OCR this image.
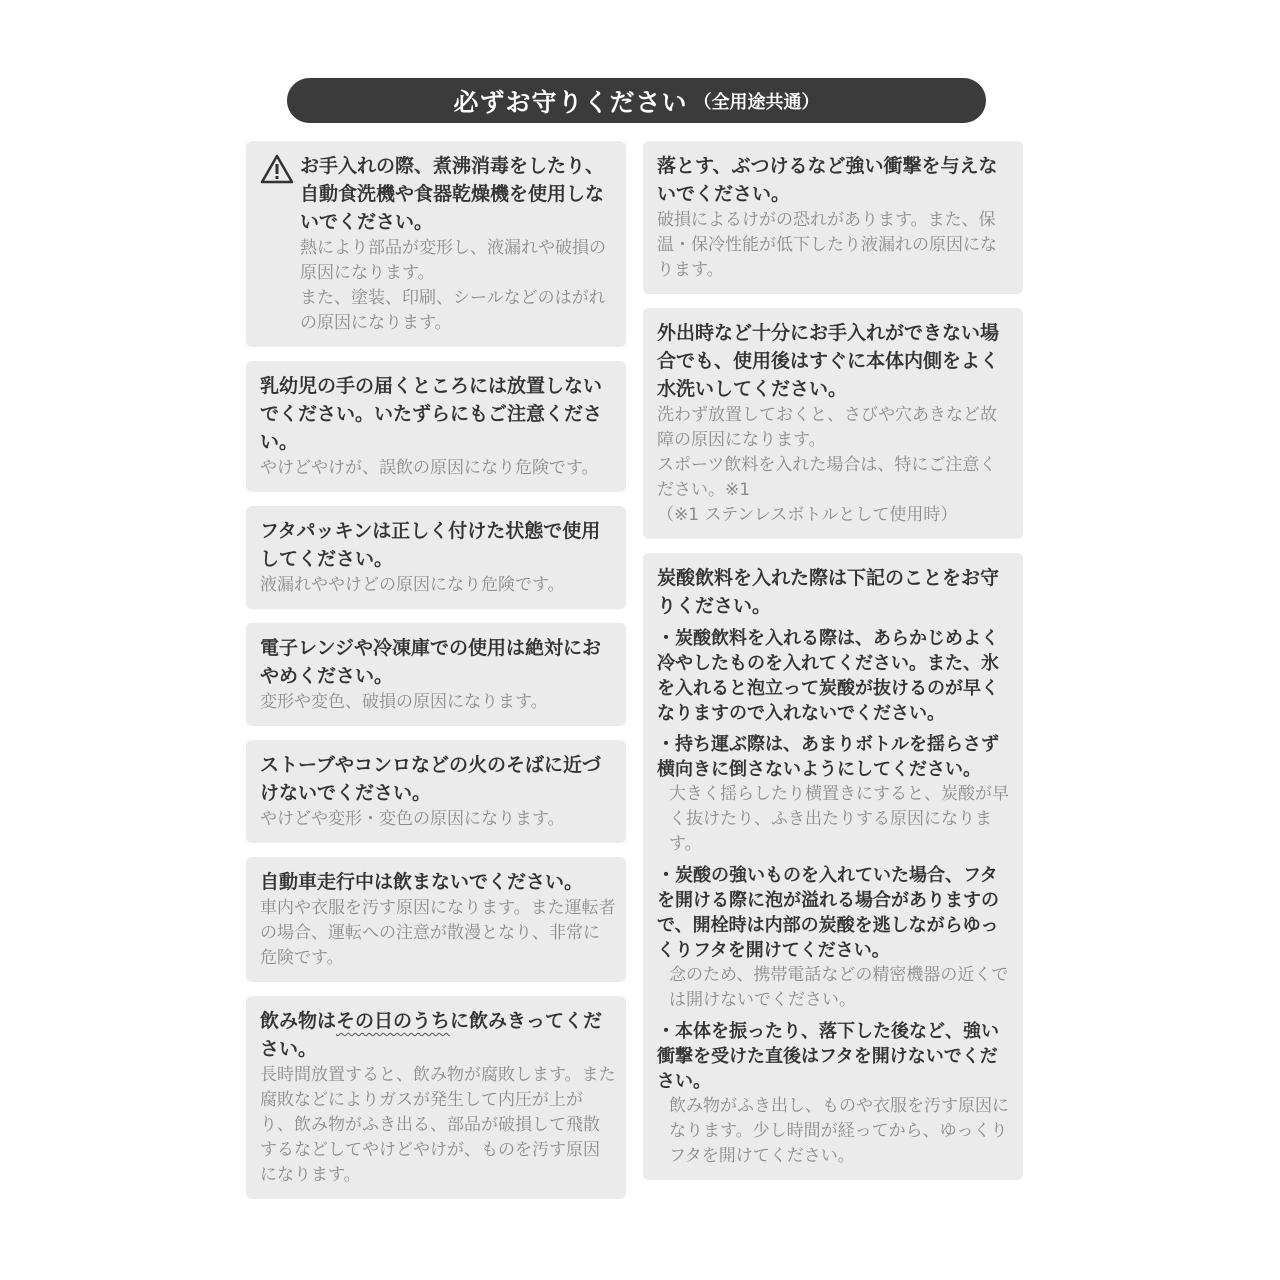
必ずお守りください （全用途共通）
お手入れの際、煮沸消毒をしたり、自動食洗機や食器乾燥機を使用しないでください。
熱により部品が変形し、液漏れや破損の原因になります。
また、塗装、印刷、シールなどのはがれの原因になります。
乳幼児の手の届くところには放置しないでください。いたずらにもご注意ください。
やけどやけが、誤飲の原因になり危険です。
フタパッキンは正しく付けた状態で使用してください。
液漏れややけどの原因になり危険です。
電子レンジや冷凍庫での使用は絶対におやめください。
変形や変色、破損の原因になります。
ストーブやコンロなどの火のそばに近づけないでください。
やけどや変形・変色の原因になります。
自動車走行中は飲まないでください。
車内や衣服を汚す原因になります。また運転者の場合、運転への注意が散漫となり、非常に危険です。
飲み物はその日のうちに飲みきってください。
長時間放置すると、飲み物が腐敗します。また腐敗などによりガスが発生して内圧が上がり、飲み物がふき出る、部品が破損して飛散するなどしてやけどやけが、ものを汚す原因になります。
落とす、ぶつけるなど強い衝撃を与えないでください。
破損によるけがの恐れがあります。また、保温・保冷性能が低下したり液漏れの原因になります。
外出時など十分にお手入れができない場合でも、使用後はすぐに本体内側をよく水洗いしてください。
洗わず放置しておくと、さびや穴あきなど故障の原因になります。
スポーツ飲料を入れた場合は、特にご注意ください。※1
（※1 ステンレスボトルとして使用時）
炭酸飲料を入れた際は下記のことをお守りください。
・炭酸飲料を入れる際は、あらかじめよく冷やしたものを入れてください。また、氷を入れると泡立って炭酸が抜けるのが早くなりますので入れないでください。
・持ち運ぶ際は、あまりボトルを揺らさず横向きに倒さないようにしてください。
大きく揺らしたり横置きにすると、炭酸が早く抜けたり、ふき出たりする原因になります。
・炭酸の強いものを入れていた場合、フタを開ける際に泡が溢れる場合がありますので、開栓時は内部の炭酸を逃しながらゆっくりフタを開けてください。
念のため、携帯電話などの精密機器の近くでは開けないでください。
・本体を振ったり、落下した後など、強い衝撃を受けた直後はフタを開けないでください。
飲み物がふき出し、ものや衣服を汚す原因になります。少し時間が経ってから、ゆっくりフタを開けてください。
